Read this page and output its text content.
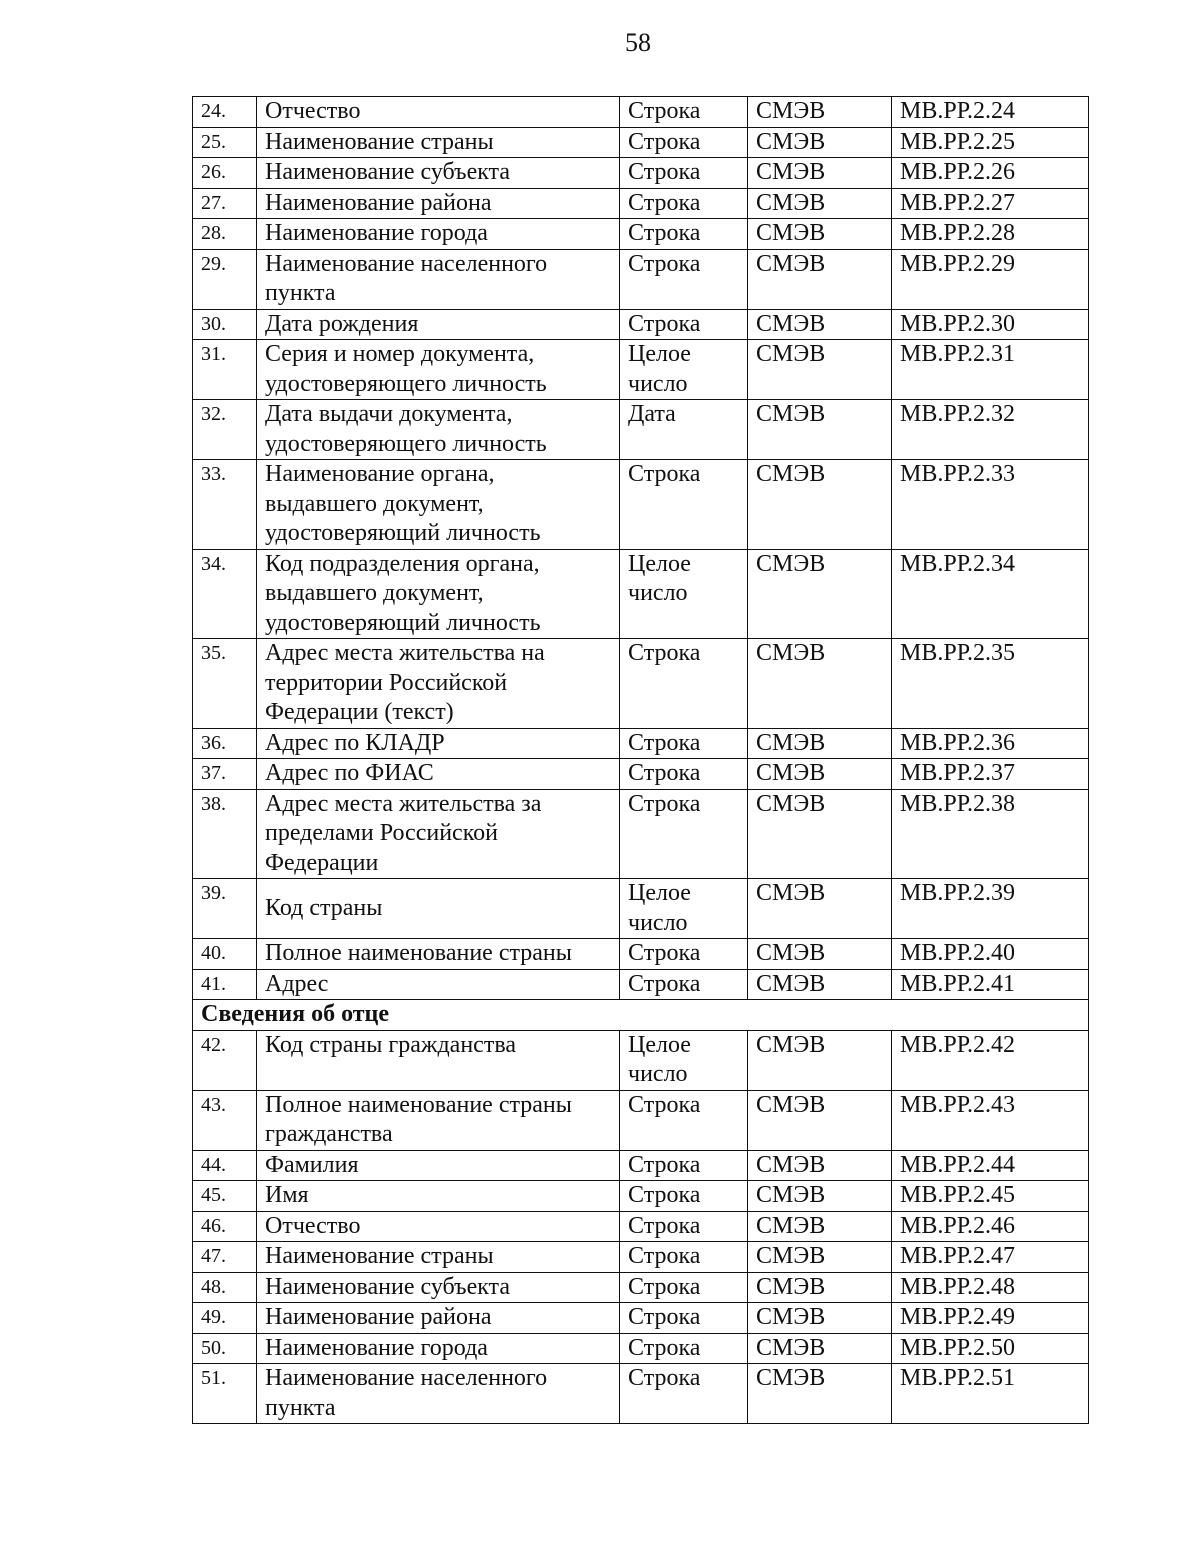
58
24.	Отчество	Строка	СМЭВ	МВ.РР.2.24
25.	Наименование страны	Строка	СМЭВ	МВ.РР.2.25
26.	Наименование субъекта	Строка	СМЭВ	МВ.РР.2.26
27.	Наименование района	Строка	СМЭВ	МВ.РР.2.27
28.	Наименование города	Строка	СМЭВ	МВ.РР.2.28
29.	Наименование населенного пункта	Строка	СМЭВ	МВ.РР.2.29
30.	Дата рождения	Строка	СМЭВ	МВ.РР.2.30
31.	Серия и номер документа, удостоверяющего личность	Целое число	СМЭВ	МВ.РР.2.31
32.	Дата выдачи документа, удостоверяющего личность	Дата	СМЭВ	МВ.РР.2.32
33.	Наименование органа, выдавшего документ, удостоверяющий личность	Строка	СМЭВ	МВ.РР.2.33
34.	Код подразделения органа, выдавшего документ, удостоверяющий личность	Целое число	СМЭВ	МВ.РР.2.34
35.	Адрес места жительства на территории Российской Федерации (текст)	Строка	СМЭВ	МВ.РР.2.35
36.	Адрес по КЛАДР	Строка	СМЭВ	МВ.РР.2.36
37.	Адрес по ФИАС	Строка	СМЭВ	МВ.РР.2.37
38.	Адрес места жительства за пределами Российской Федерации	Строка	СМЭВ	МВ.РР.2.38
39.	Код страны	Целое число	СМЭВ	МВ.РР.2.39
40.	Полное наименование страны	Строка	СМЭВ	МВ.РР.2.40
41.	Адрес	Строка	СМЭВ	МВ.РР.2.41
Сведения об отце				
42.	Код страны гражданства	Целое число	СМЭВ	МВ.РР.2.42
43.	Полное наименование страны гражданства	Строка	СМЭВ	МВ.РР.2.43
44.	Фамилия	Строка	СМЭВ	МВ.РР.2.44
45.	Имя	Строка	СМЭВ	МВ.РР.2.45
46.	Отчество	Строка	СМЭВ	МВ.РР.2.46
47.	Наименование страны	Строка	СМЭВ	МВ.РР.2.47
48.	Наименование субъекта	Строка	СМЭВ	МВ.РР.2.48
49.	Наименование района	Строка	СМЭВ	МВ.РР.2.49
50.	Наименование города	Строка	СМЭВ	МВ.РР.2.50
51.	Наименование населенного пункта	Строка	СМЭВ	МВ.РР.2.51
